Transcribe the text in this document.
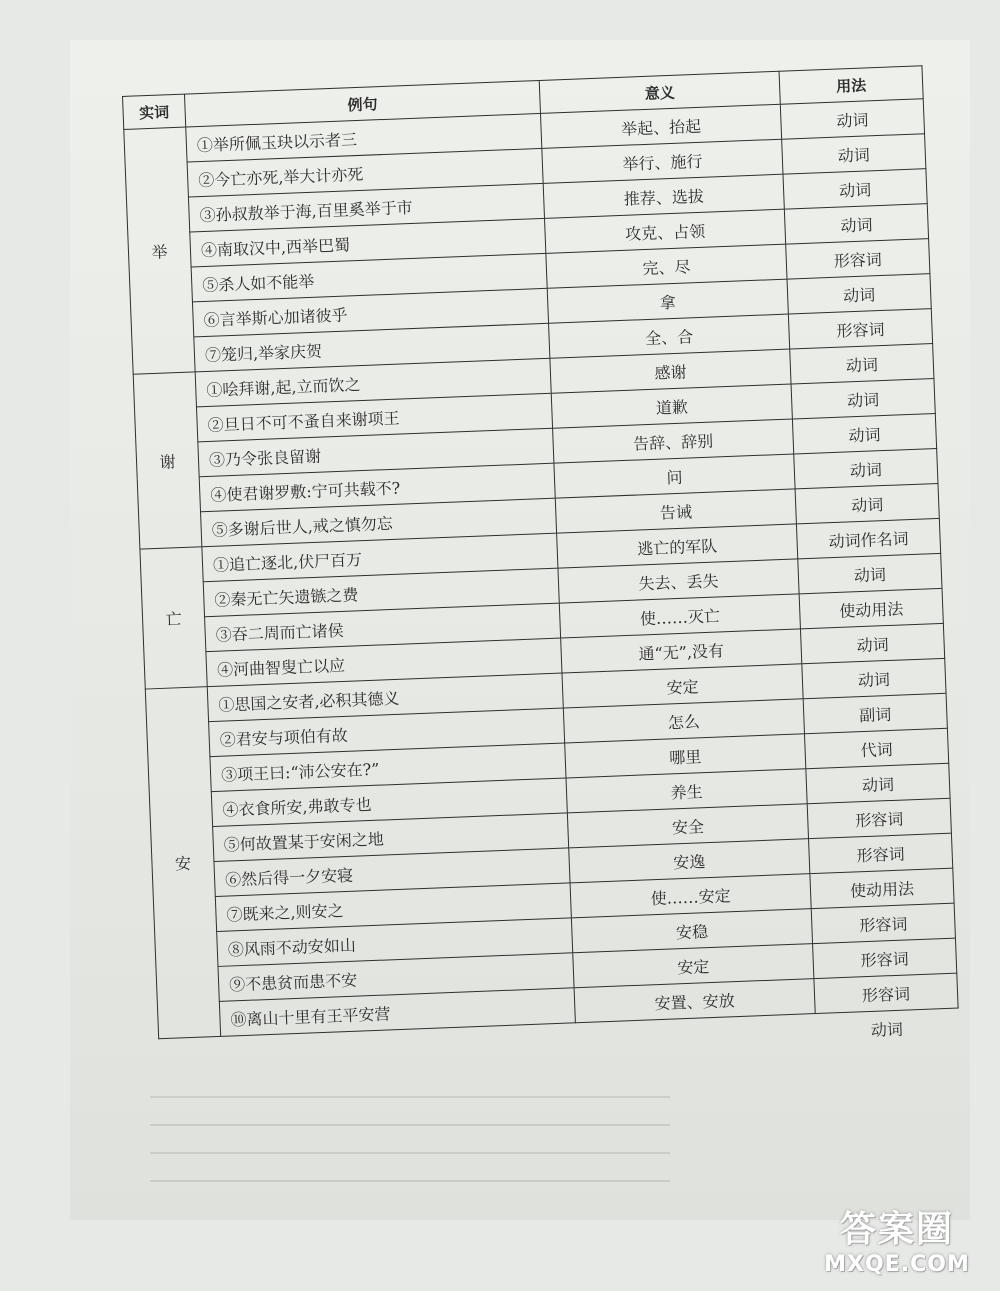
实词	例句	意义	用法
举	①举所佩玉玦以示者三	举起、抬起	动词
	②今亡亦死,举大计亦死	举行、施行	动词
	③孙叔敖举于海,百里奚举于市	推荐、选拔	动词
	④南取汉中,西举巴蜀	攻克、占领	动词
	⑤杀人如不能举	完、尽	形容词
	⑥言举斯心加诸彼乎	拿	动词
	⑦笼归,举家庆贺	全、合	形容词
谢	①哙拜谢,起,立而饮之	感谢	动词
	②旦日不可不蚤自来谢项王	道歉	动词
	③乃令张良留谢	告辞、辞别	动词
	④使君谢罗敷:宁可共载不?	问	动词
	⑤多谢后世人,戒之慎勿忘	告诫	动词
亡	①追亡逐北,伏尸百万	逃亡的军队	动词作名词
	②秦无亡矢遗镞之费	失去、丢失	动词
	③吞二周而亡诸侯	使……灭亡	使动用法
	④河曲智叟亡以应	通“无”,没有	动词
安	①思国之安者,必积其德义	安定	动词
	②君安与项伯有故	怎么	副词
	③项王曰:“沛公安在?”	哪里	代词
	④衣食所安,弗敢专也	养生	动词
	⑤何故置某于安闲之地	安全	形容词
	⑥然后得一夕安寝	安逸	形容词
	⑦既来之,则安之	使……安定	使动用法
	⑧风雨不动安如山	安稳	形容词
	⑨不患贫而患不安	安定	形容词
	⑩离山十里有王平安营	安置、安放	形容词
动词
答案圈
MXQE.COM
